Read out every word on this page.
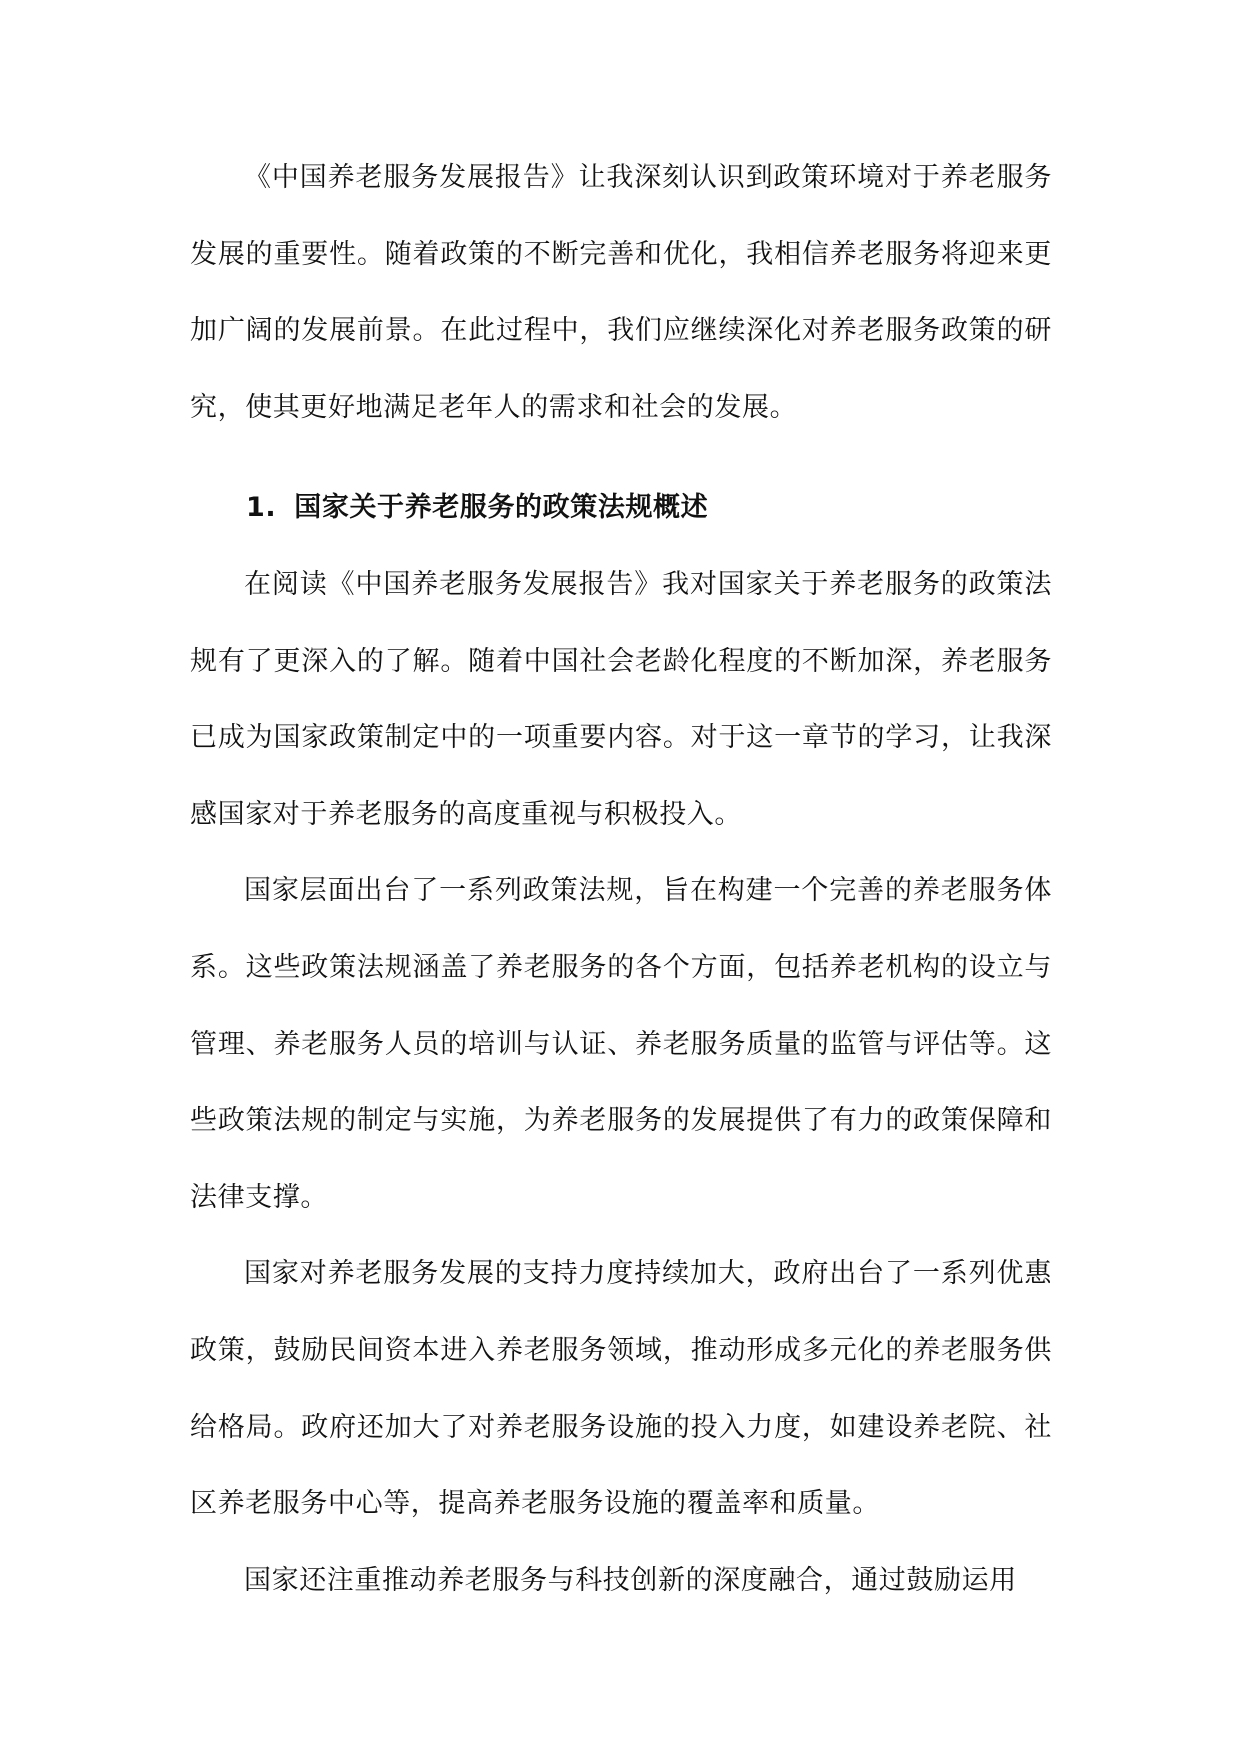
《中国养老服务发展报告》让我深刻认识到政策环境对于养老服务发展的重要性。随着政策的不断完善和优化，我相信养老服务将迎来更加广阔的发展前景。在此过程中，我们应继续深化对养老服务政策的研究，使其更好地满足老年人的需求和社会的发展。

1. 国家关于养老服务的政策法规概述

在阅读《中国养老服务发展报告》我对国家关于养老服务的政策法规有了更深入的了解。随着中国社会老龄化程度的不断加深，养老服务已成为国家政策制定中的一项重要内容。对于这一章节的学习，让我深感国家对于养老服务的高度重视与积极投入。

国家层面出台了一系列政策法规，旨在构建一个完善的养老服务体系。这些政策法规涵盖了养老服务的各个方面，包括养老机构的设立与管理、养老服务人员的培训与认证、养老服务质量的监管与评估等。这些政策法规的制定与实施，为养老服务的发展提供了有力的政策保障和法律支撑。

国家对养老服务发展的支持力度持续加大，政府出台了一系列优惠政策，鼓励民间资本进入养老服务领域，推动形成多元化的养老服务供给格局。政府还加大了对养老服务设施的投入力度，如建设养老院、社区养老服务中心等，提高养老服务设施的覆盖率和质量。

国家还注重推动养老服务与科技创新的深度融合，通过鼓励运用
